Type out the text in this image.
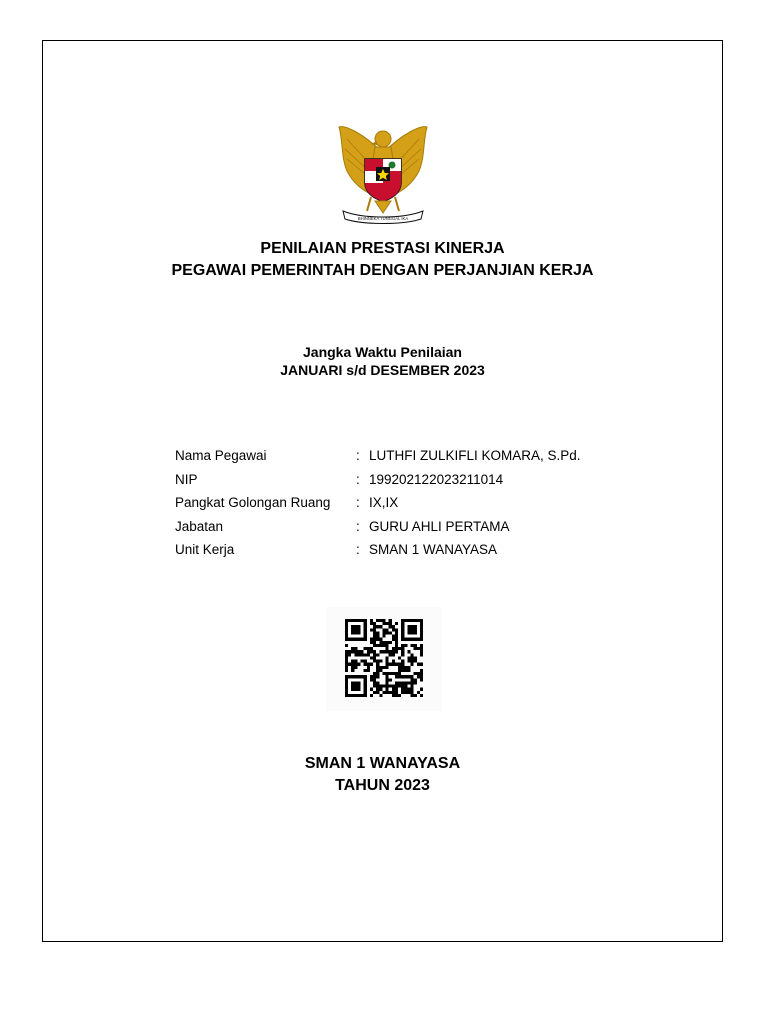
BHINNEKA TUNGGAL IKA
PENILAIAN PRESTASI KINERJA
PEGAWAI PEMERINTAH DENGAN PERJANJIAN KERJA
Jangka Waktu Penilaian
JANUARI s/d DESEMBER 2023
Nama Pegawai	: LUTHFI ZULKIFLI KOMARA, S.Pd.
NIP	: 199202122023211014
Pangkat Golongan Ruang	: IX,IX
Jabatan	: GURU AHLI PERTAMA
Unit Kerja	: SMAN 1 WANAYASA
SMAN 1 WANAYASA
TAHUN 2023
